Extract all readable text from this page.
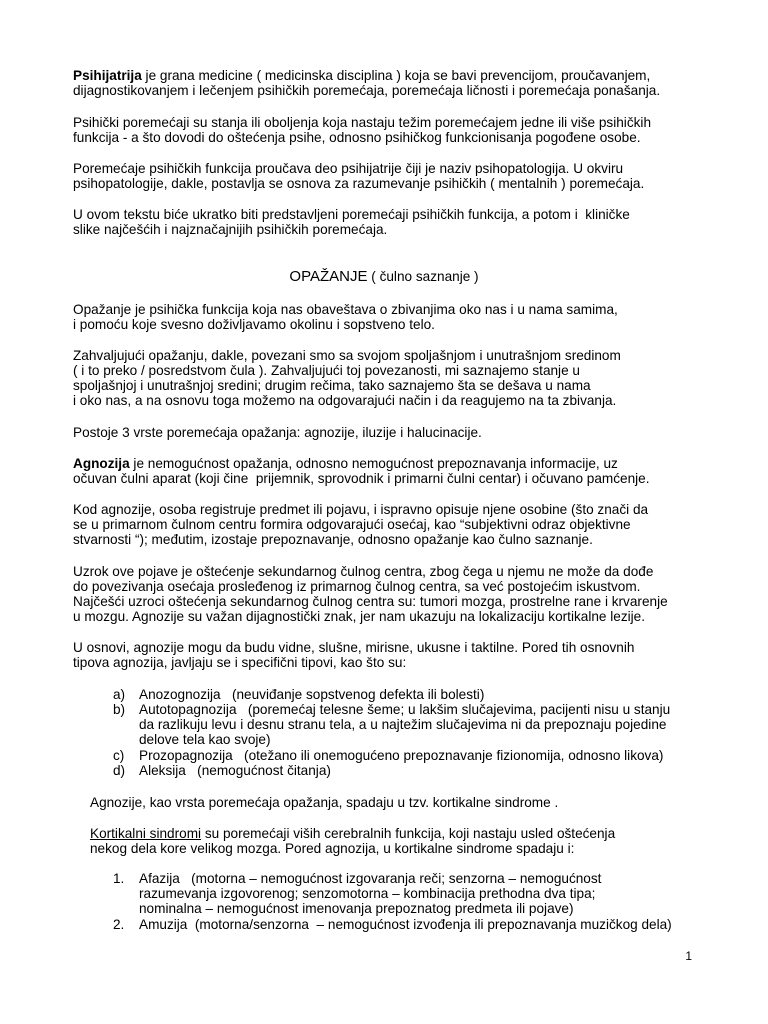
Psihijatrija je grana medicine ( medicinska disciplina ) koja se bavi prevencijom, proučavanjem,
dijagnostikovanjem i lečenjem psihičkih poremećaja, poremećaja ličnosti i poremećaja ponašanja.
Psihički poremećaji su stanja ili oboljenja koja nastaju težim poremećajem jedne ili više psihičkih
funkcija - a što dovodi do oštećenja psihe, odnosno psihičkog funkcionisanja pogođene osobe.
Poremećaje psihičkih funkcija proučava deo psihijatrije čiji je naziv psihopatologija. U okviru
psihopatologije, dakle, postavlja se osnova za razumevanje psihičkih ( mentalnih ) poremećaja.
U ovom tekstu biće ukratko biti predstavljeni poremećaji psihičkih funkcija, a potom i  kliničke
slike najčešćih i najznačajnijih psihičkih poremećaja.
OPAŽANJE ( čulno saznanje )
Opažanje je psihička funkcija koja nas obaveštava o zbivanjima oko nas i u nama samima,
i pomoću koje svesno doživljavamo okolinu i sopstveno telo.
Zahvaljujući opažanju, dakle, povezani smo sa svojom spoljašnjom i unutrašnjom sredinom
( i to preko / posredstvom čula ). Zahvaljujući toj povezanosti, mi saznajemo stanje u
spoljašnjoj i unutrašnjoj sredini; drugim rečima, tako saznajemo šta se dešava u nama
i oko nas, a na osnovu toga možemo na odgovarajući način i da reagujemo na ta zbivanja.
Postoje 3 vrste poremećaja opažanja: agnozije, iluzije i halucinacije.
Agnozija je nemogućnost opažanja, odnosno nemogućnost prepoznavanja informacije, uz
očuvan čulni aparat (koji čine  prijemnik, sprovodnik i primarni čulni centar) i očuvano pamćenje.
Kod agnozije, osoba registruje predmet ili pojavu, i ispravno opisuje njene osobine (što znači da
se u primarnom čulnom centru formira odgovarajući osećaj, kao “subjektivni odraz objektivne
stvarnosti “); međutim, izostaje prepoznavanje, odnosno opažanje kao čulno saznanje.
Uzrok ove pojave je oštećenje sekundarnog čulnog centra, zbog čega u njemu ne može da dođe
do povezivanja osećaja prosleđenog iz primarnog čulnog centra, sa već postojećim iskustvom.
Najčešći uzroci oštećenja sekundarnog čulnog centra su: tumori mozga, prostrelne rane i krvarenje
u mozgu. Agnozije su važan dijagnostički znak, jer nam ukazuju na lokalizaciju kortikalne lezije.
U osnovi, agnozije mogu da budu vidne, slušne, mirisne, ukusne i taktilne. Pored tih osnovnih
tipova agnozija, javljaju se i specifični tipovi, kao što su:
a) Anozognozija   (neuviđanje sopstvenog defekta ili bolesti)
b) Autotopagnozija   (poremećaj telesne šeme; u lakšim slučajevima, pacijenti nisu u stanju
da razlikuju levu i desnu stranu tela, a u najtežim slučajevima ni da prepoznaju pojedine
delove tela kao svoje)
c) Prozopagnozija   (otežano ili onemogućeno prepoznavanje fizionomija, odnosno likova)
d) Aleksija   (nemogućnost čitanja)
Agnozije, kao vrsta poremećaja opažanja, spadaju u tzv. kortikalne sindrome .
Kortikalni sindromi su poremećaji viših cerebralnih funkcija, koji nastaju usled oštećenja
nekog dela kore velikog mozga. Pored agnozija, u kortikalne sindrome spadaju i:
1. Afazija   (motorna – nemogućnost izgovaranja reči; senzorna – nemogućnost
razumevanja izgovorenog; senzomotorna – kombinacija prethodna dva tipa;
nominalna – nemogućnost imenovanja prepoznatog predmeta ili pojave)
2. Amuzija  (motorna/senzorna  – nemogućnost izvođenja ili prepoznavanja muzičkog dela)
1
